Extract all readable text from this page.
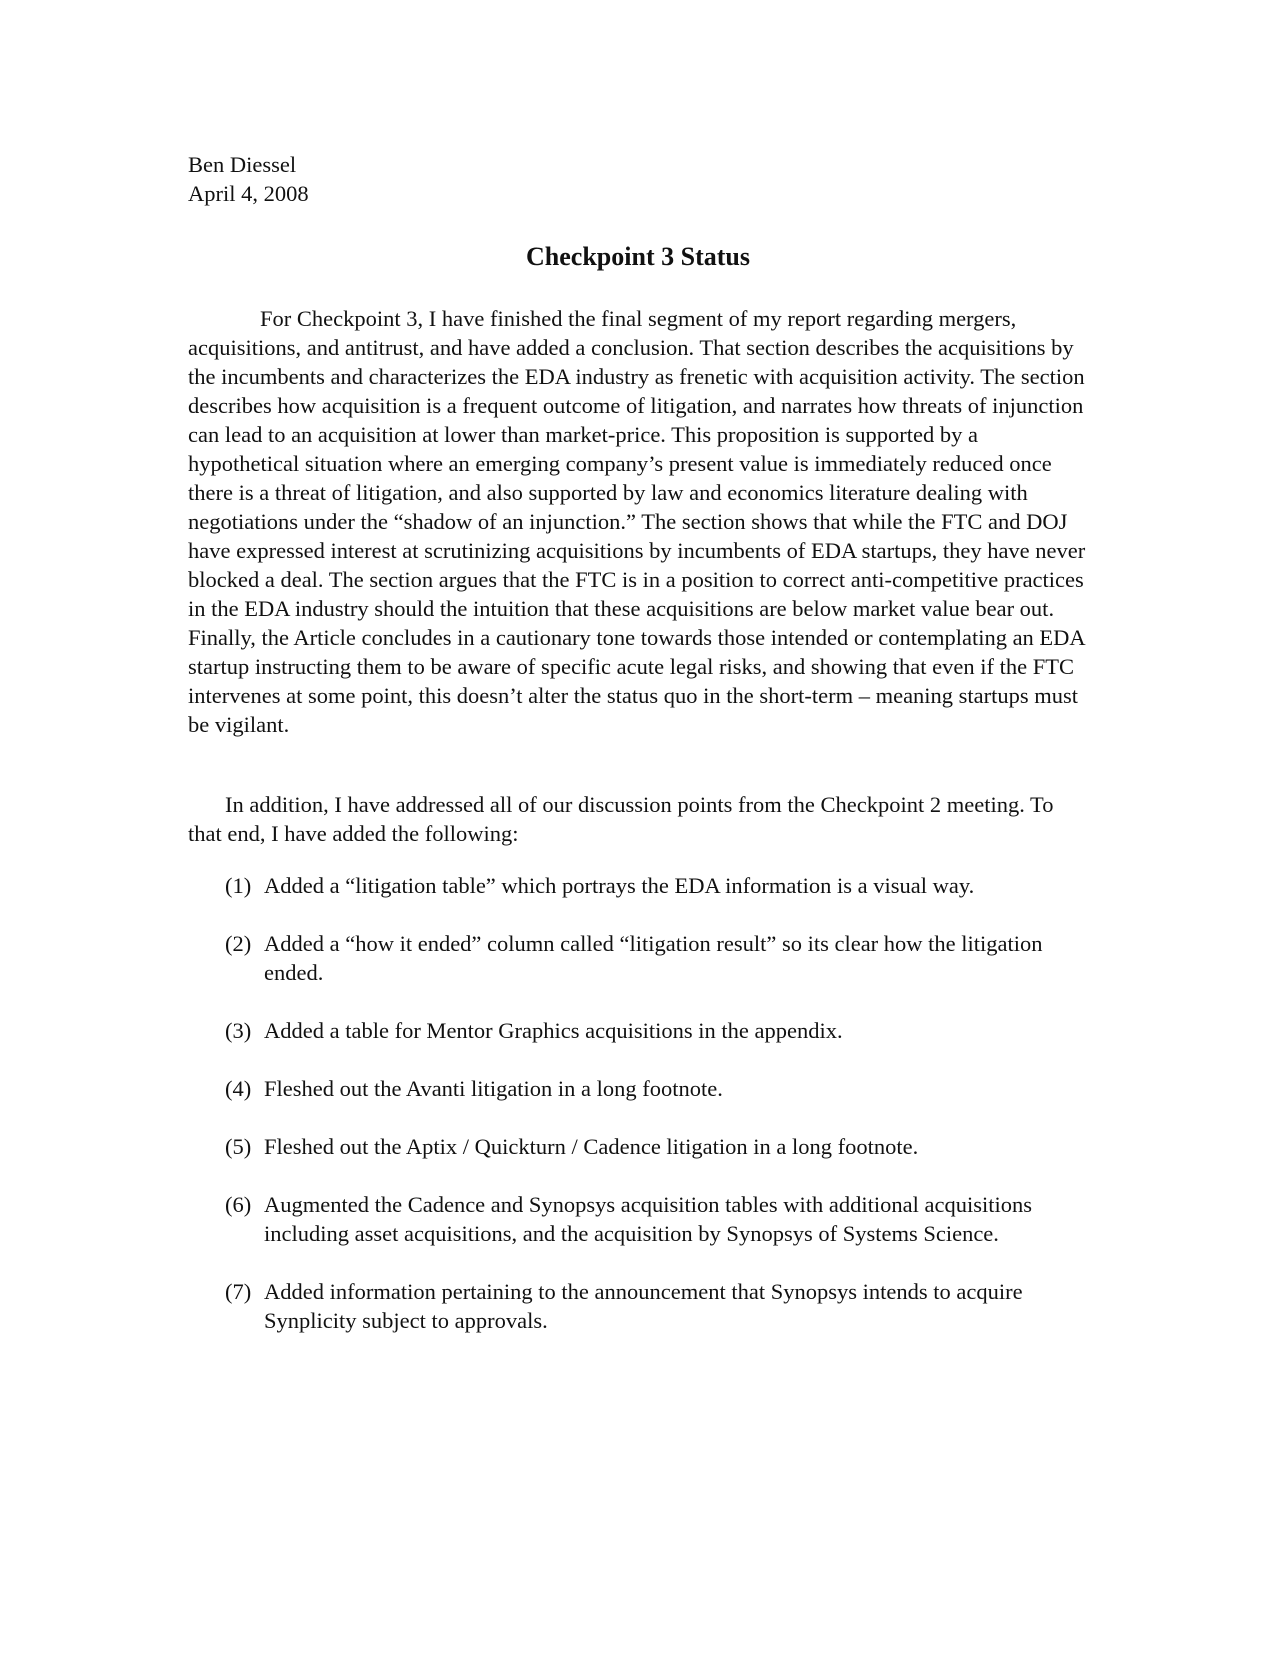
Ben Diessel
April 4, 2008
Checkpoint 3 Status

For Checkpoint 3, I have finished the final segment of my report regarding mergers, acquisitions, and antitrust, and have added a conclusion. That section describes the acquisitions by the incumbents and characterizes the EDA industry as frenetic with acquisition activity. The section describes how acquisition is a frequent outcome of litigation, and narrates how threats of injunction can lead to an acquisition at lower than market-price. This proposition is supported by a hypothetical situation where an emerging company’s present value is immediately reduced once there is a threat of litigation, and also supported by law and economics literature dealing with negotiations under the “shadow of an injunction.” The section shows that while the FTC and DOJ have expressed interest at scrutinizing acquisitions by incumbents of EDA startups, they have never blocked a deal. The section argues that the FTC is in a position to correct anti-competitive practices in the EDA industry should the intuition that these acquisitions are below market value bear out. Finally, the Article concludes in a cautionary tone towards those intended or contemplating an EDA startup instructing them to be aware of specific acute legal risks, and showing that even if the FTC intervenes at some point, this doesn’t alter the status quo in the short-term – meaning startups must be vigilant.

In addition, I have addressed all of our discussion points from the Checkpoint 2 meeting. To that end, I have added the following:

(1) Added a “litigation table” which portrays the EDA information is a visual way.
(2) Added a “how it ended” column called “litigation result” so its clear how the litigation ended.
(3) Added a table for Mentor Graphics acquisitions in the appendix.
(4) Fleshed out the Avanti litigation in a long footnote.
(5) Fleshed out the Aptix / Quickturn / Cadence litigation in a long footnote.
(6) Augmented the Cadence and Synopsys acquisition tables with additional acquisitions including asset acquisitions, and the acquisition by Synopsys of Systems Science.
(7) Added information pertaining to the announcement that Synopsys intends to acquire Synplicity subject to approvals.
